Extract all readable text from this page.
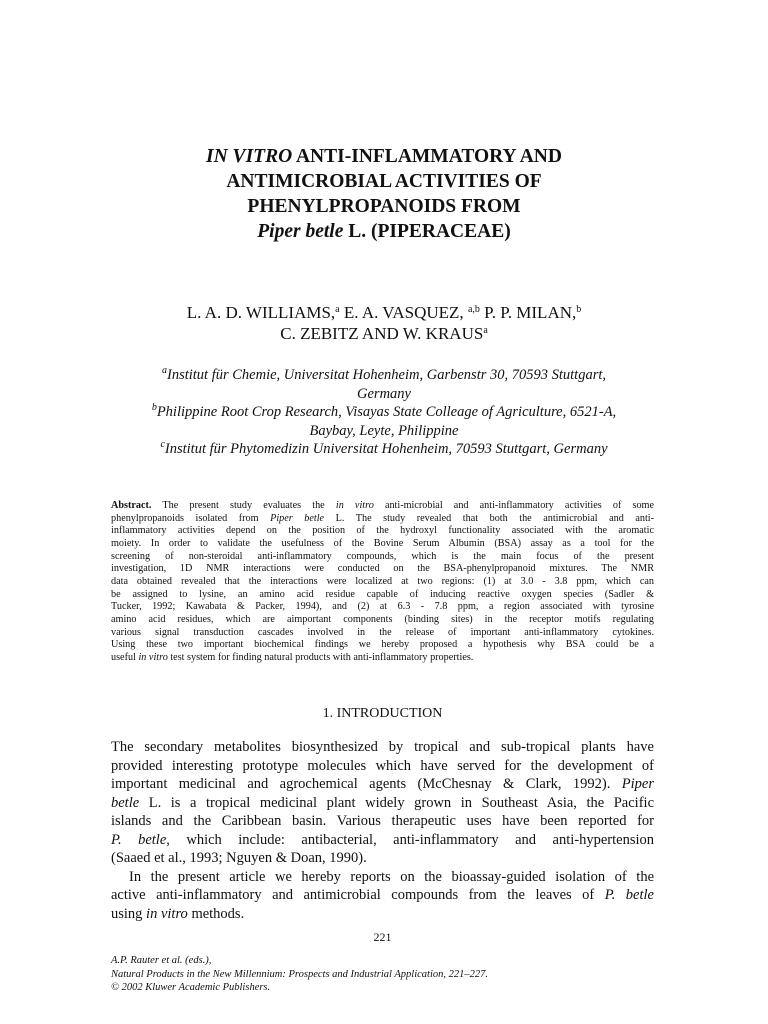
IN VITRO ANTI-INFLAMMATORY AND
ANTIMICROBIAL ACTIVITIES OF
PHENYLPROPANOIDS FROM
Piper betle L. (PIPERACEAE)
L. A. D. WILLIAMS,$^a$ E. A. VASQUEZ, $^{a,b}$ P. P. MILAN,$^b$
C. ZEBITZ AND W. KRAUS$^a$
$^a$Institut für Chemie, Universitat Hohenheim, Garbenstr 30, 70593 Stuttgart,
Germany
$^b$Philippine Root Crop Research, Visayas State Colleage of Agriculture, 6521-A,
Baybay, Leyte, Philippine
$^c$Institut für Phytomedizin Universitat Hohenheim, 70593 Stuttgart, Germany
Abstract. The present study evaluates the in vitro anti-microbial and anti-inflammatory activities of some
phenylpropanoids isolated from Piper betle L. The study revealed that both the antimicrobial and anti-
inflammatory activities depend on the position of the hydroxyl functionality associated with the aromatic
moiety. In order to validate the usefulness of the Bovine Serum Albumin (BSA) assay as a tool for the
screening of non-steroidal anti-inflammatory compounds, which is the main focus of the present
investigation, 1D NMR interactions were conducted on the BSA-phenylpropanoid mixtures. The NMR
data obtained revealed that the interactions were localized at two regions: (1) at 3.0 - 3.8 ppm, which can
be assigned to lysine, an amino acid residue capable of inducing reactive oxygen species (Sadler &
Tucker, 1992; Kawabata & Packer, 1994), and (2) at 6.3 - 7.8 ppm, a region associated with tyrosine
amino acid residues, which are aimportant components (binding sites) in the receptor motifs regulating
various signal transduction cascades involved in the release of important anti-inflammatory cytokines.
Using these two important biochemical findings we hereby proposed a hypothesis why BSA could be a
useful in vitro test system for finding natural products with anti-inflammatory properties.
1. INTRODUCTION
The secondary metabolites biosynthesized by tropical and sub-tropical plants have
provided interesting prototype molecules which have served for the development of
important medicinal and agrochemical agents (McChesnay & Clark, 1992). Piper
betle L. is a tropical medicinal plant widely grown in Southeast Asia, the Pacific
islands and the Caribbean basin. Various therapeutic uses have been reported for
P. betle, which include: antibacterial, anti-inflammatory and anti-hypertension
(Saaed et al., 1993; Nguyen & Doan, 1990).
In the present article we hereby reports on the bioassay-guided isolation of the
active anti-inflammatory and antimicrobial compounds from the leaves of P. betle
using in vitro methods.
221
A.P. Rauter et al. (eds.),
Natural Products in the New Millennium: Prospects and Industrial Application, 221–227.
© 2002 Kluwer Academic Publishers.
